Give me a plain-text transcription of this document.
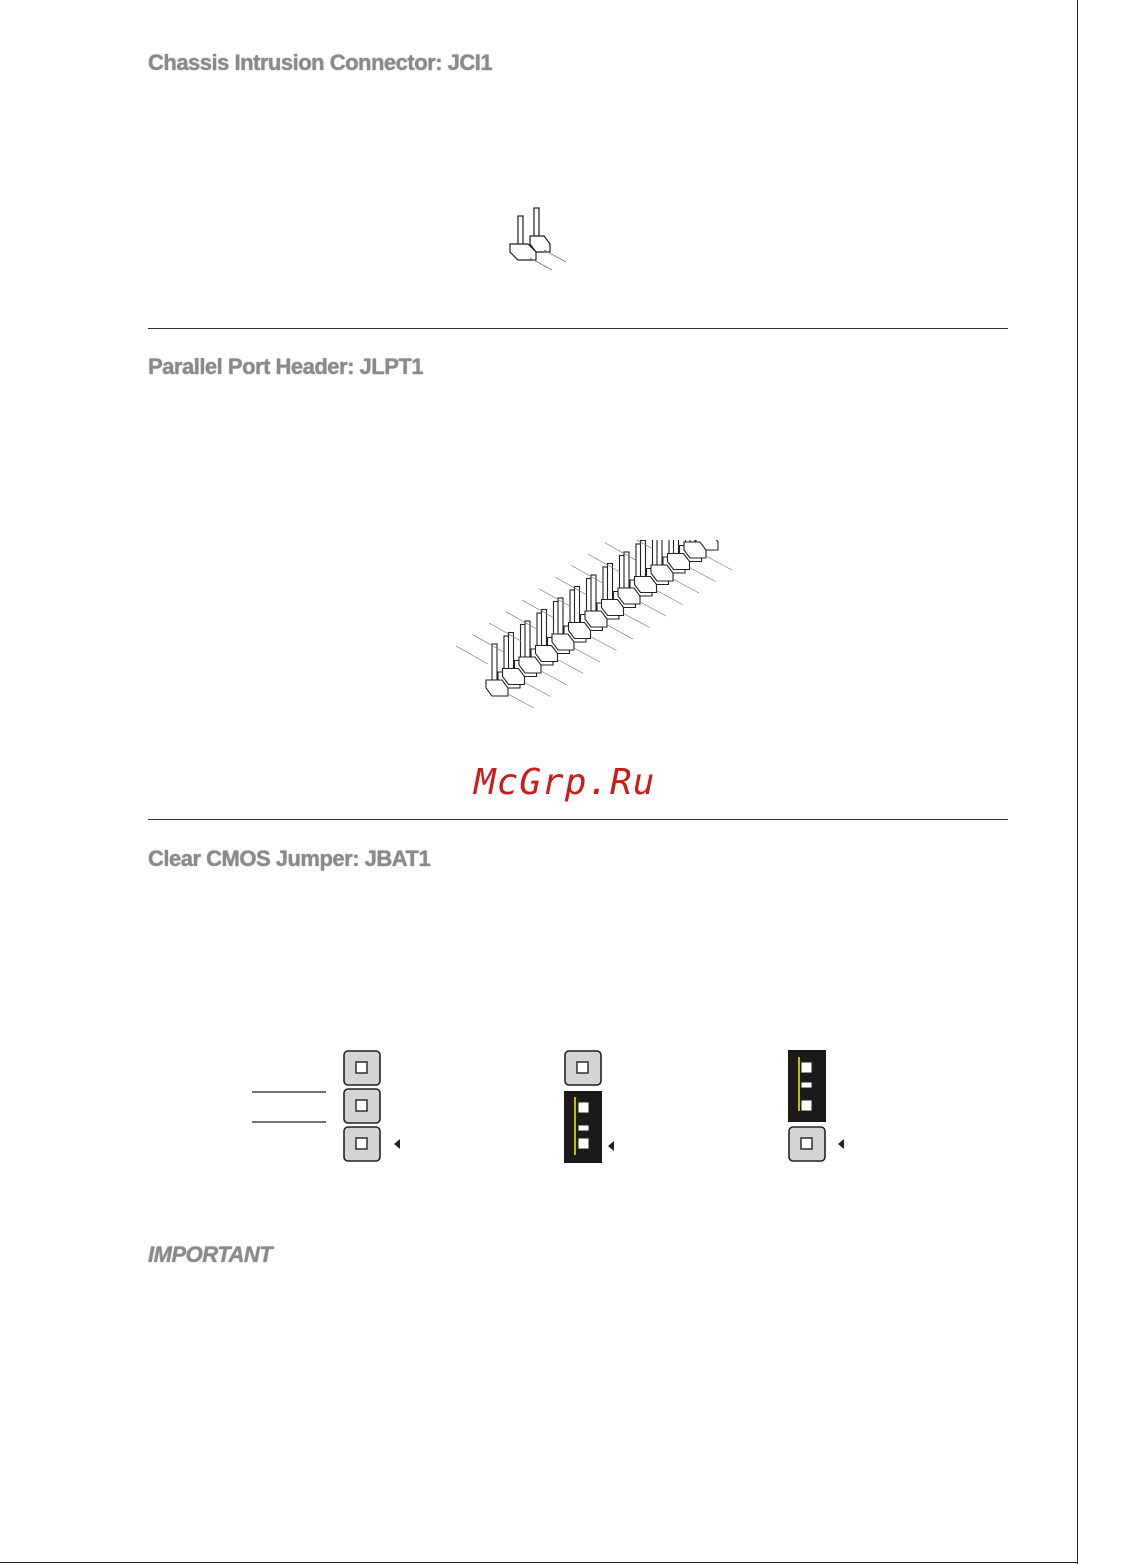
Chassis Intrusion Connector: JCI1
Parallel Port Header: JLPT1
McGrp.Ru
Clear CMOS Jumper: JBAT1
IMPORTANT
